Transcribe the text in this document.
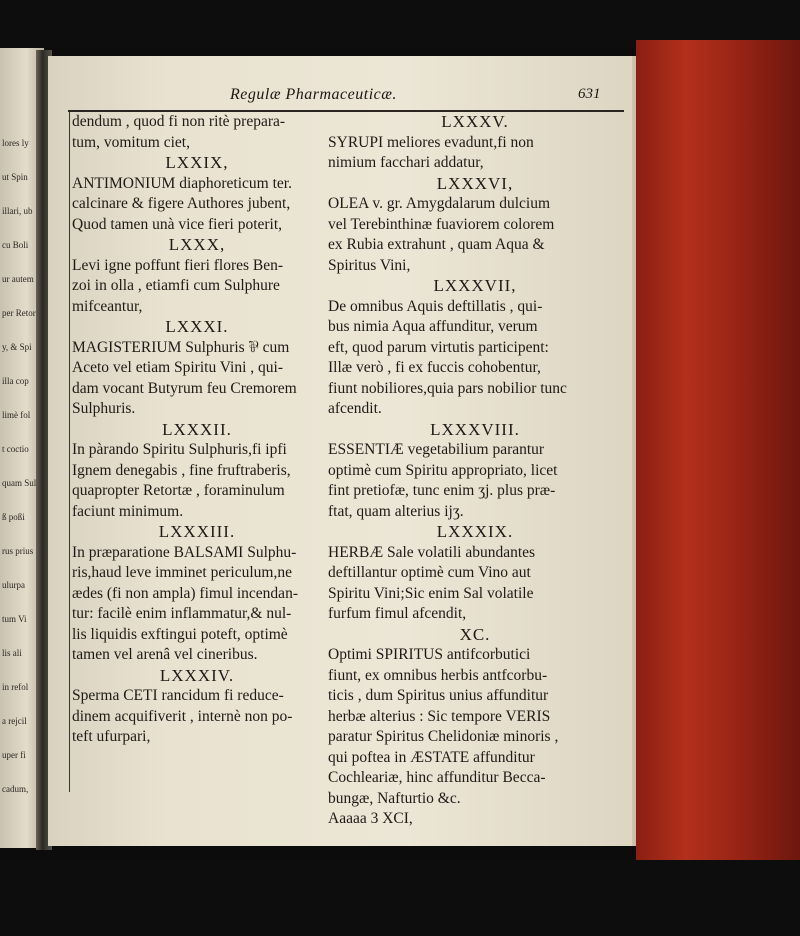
lores ly
ut Spin
illari, ub
cu Boli
ur autem
per Retor
y, & Spi
illa cop
limè fol
t coctio
quam Sul
ß poßi
rus prius
ulurpa
tum Vi
lis ali
in refol
a rejcil
uper fi
cadum,
Regulæ Pharmaceuticæ.	631

dendum , quod fi non ritè prepara-

tum, vomitum ciet,

LXXIX,

ANTIMONIUM diaphoreticum ter.

calcinare & figere Authores jubent,

Quod tamen unà vice fieri poterit,

LXXX,

Levi igne poffunt fieri flores Ben-

zoi in olla , etiamfi cum Sulphure

mifceantur,

LXXXI.

MAGISTERIUM Sulphuris ⅌ cum

Aceto vel etiam Spiritu Vini , qui-

dam vocant Butyrum feu Cremorem

Sulphuris.

LXXXII.

In pàrando Spiritu Sulphuris,fi ipfi

Ignem denegabis , fine fruftraberis,

quapropter Retortæ , foraminulum

faciunt minimum.

LXXXIII.

In præparatione BALSAMI Sulphu-

ris,haud leve imminet periculum,ne

ædes (fi non ampla) fimul incendan-

tur: facilè enim inflammatur,& nul-

lis liquidis exftingui poteft, optimè

tamen vel arenâ vel cineribus.

LXXXIV.

Sperma CETI rancidum fi reduce-

dinem acquifiverit , internè non po-

teft ufurpari,

LXXXV.

SYRUPI meliores evadunt,fi non

nimium facchari addatur,

LXXXVI,

OLEA v. gr. Amygdalarum dulcium

vel Terebinthinæ fuaviorem colorem

ex Rubia extrahunt , quam Aqua &

Spiritus Vini,

LXXXVII,

De omnibus Aquis deftillatis , qui-

bus nimia Aqua affunditur, verum

eft, quod parum virtutis participent:

Illæ verò , fi ex fuccis cohobentur,

fiunt nobiliores,quia pars nobilior tunc

afcendit.

LXXXVIII.

ESSENTIÆ vegetabilium parantur

optimè cum Spiritu appropriato, licet

fint pretiofæ, tunc enim ʒj. plus præ-

ftat, quam alterius ijʒ.

LXXXIX.

HERBÆ Sale volatili abundantes

deftillantur optimè cum Vino aut

Spiritu Vini;Sic enim Sal volatile

furfum fimul afcendit,

XC.

Optimi SPIRITUS antifcorbutici

fiunt, ex omnibus herbis antfcorbu-

ticis , dum Spiritus unius affunditur

herbæ alterius : Sic tempore VERIS

paratur Spiritus Chelidoniæ minoris ,

qui poftea in ÆSTATE affunditur

Cochleariæ, hinc affunditur Becca-

bungæ, Nafturtio &c.

Aaaaa 3 XCI,
